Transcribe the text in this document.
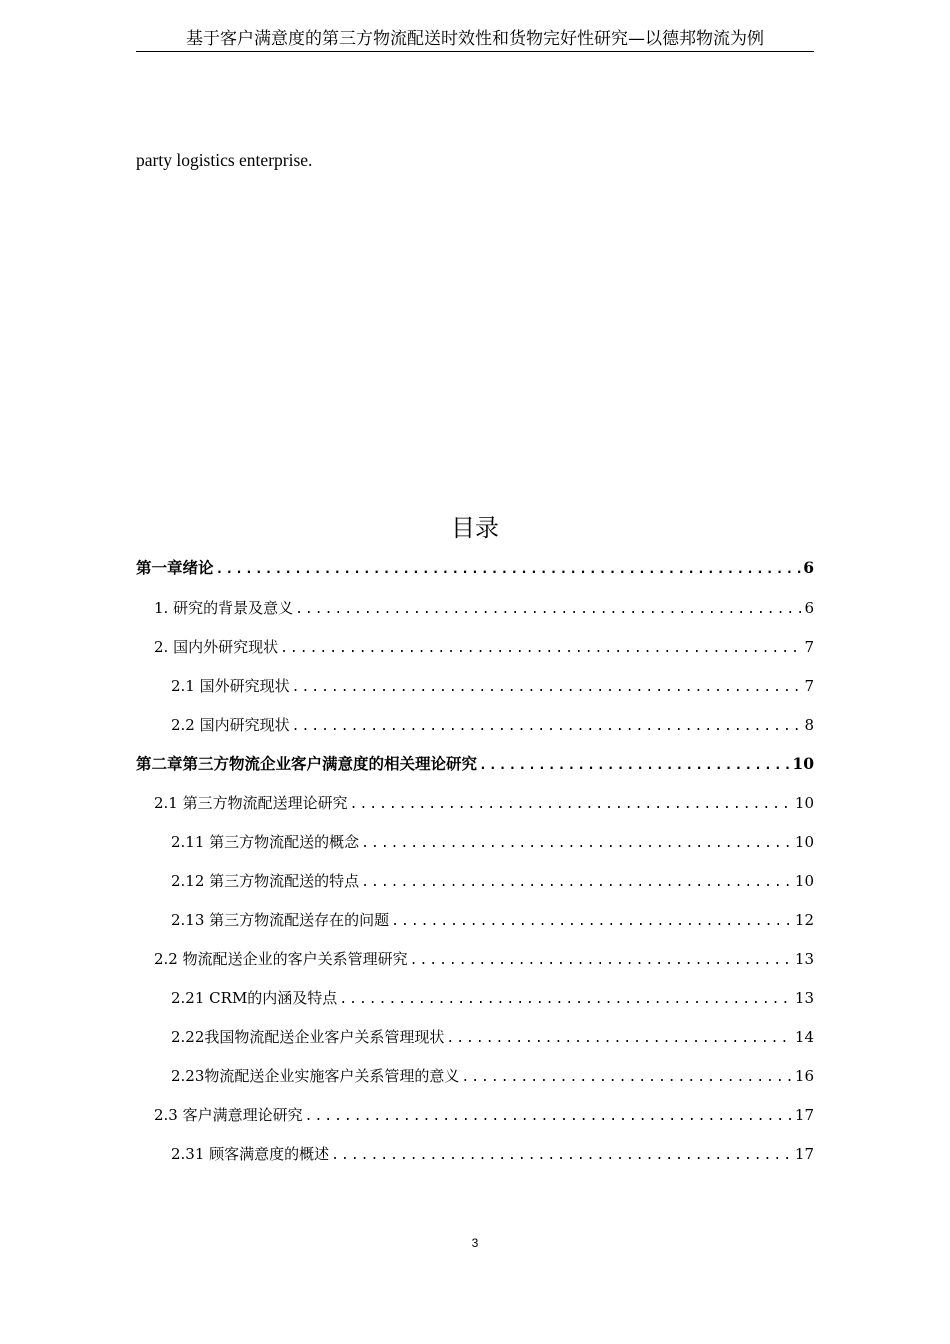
基于客户满意度的第三方物流配送时效性和货物完好性研究—以德邦物流为例
party logistics enterprise.
目录
第一章绪论 .....	6
1. 研究的背景及意义 .....	6
2. 国内外研究现状 .....	7
2.1 国外研究现状 .....	7
2.2 国内研究现状 .....	8
第二章第三方物流企业客户满意度的相关理论研究 .....	10
2.1 第三方物流配送理论研究 .....	10
2.11 第三方物流配送的概念 .....	10
2.12 第三方物流配送的特点 .....	10
2.13 第三方物流配送存在的问题 .....	12
2.2 物流配送企业的客户关系管理研究 .....	13
2.21 CRM的内涵及特点 .....	13
2.22我国物流配送企业客户关系管理现状 .....	14
2.23物流配送企业实施客户关系管理的意义 .....	16
2.3 客户满意理论研究 .....	17
2.31 顾客满意度的概述 .....	17
3
